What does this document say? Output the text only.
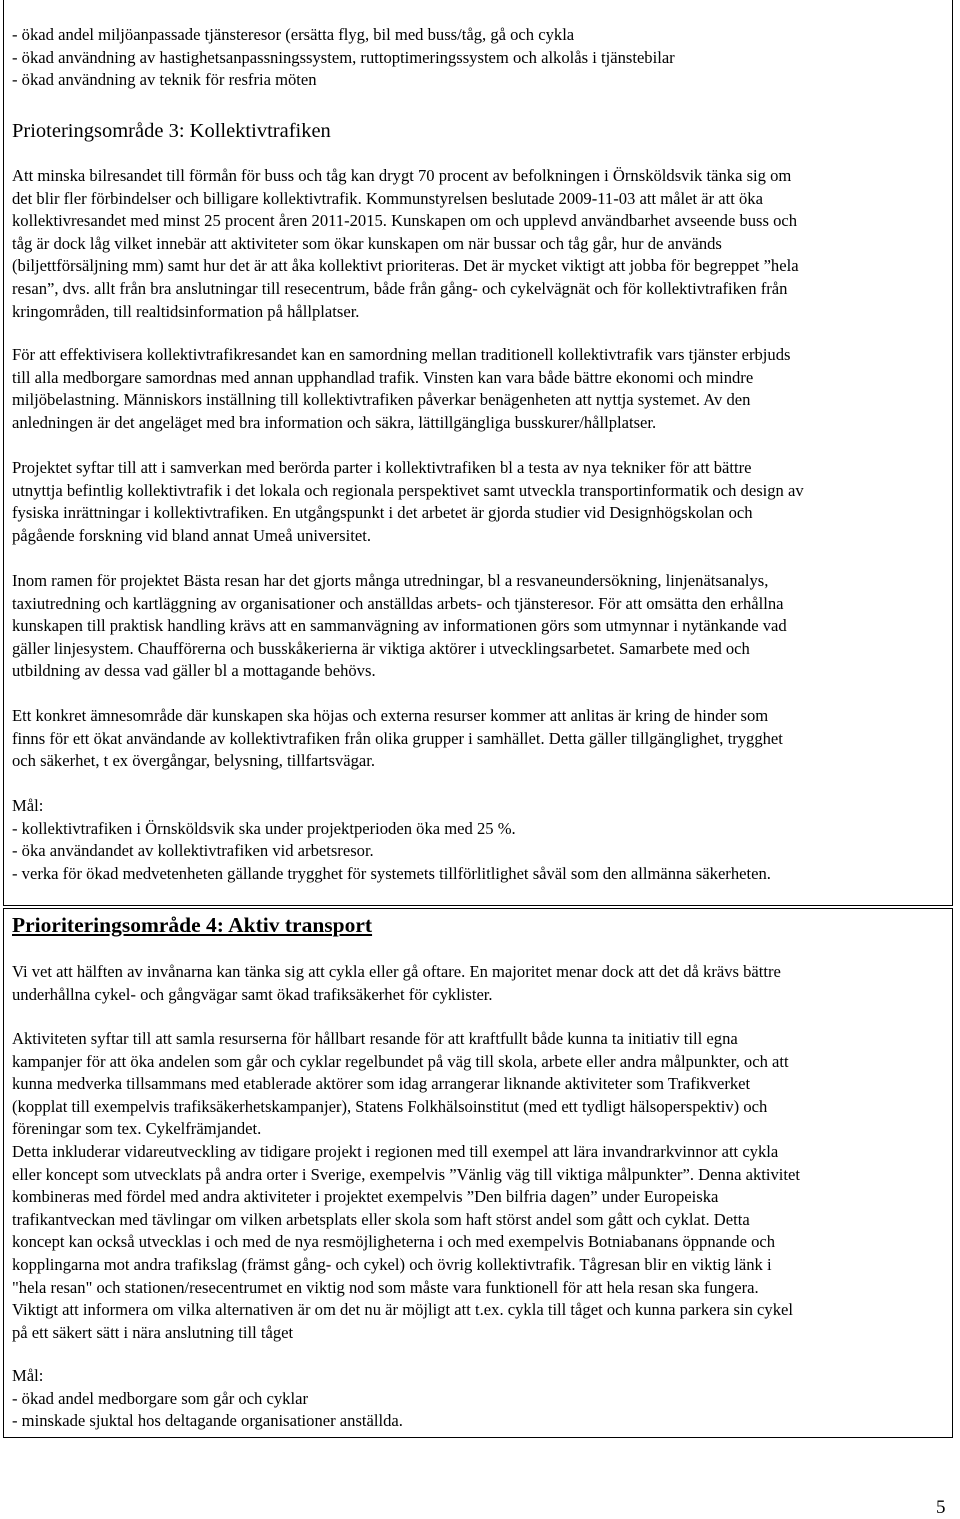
- ökad andel miljöanpassade tjänsteresor (ersätta flyg, bil med buss/tåg, gå och cykla
- ökad användning av hastighetsanpassningssystem, ruttoptimeringssystem och alkolås i tjänstebilar
- ökad användning av teknik för resfria möten
Prioteringsområde 3: Kollektivtrafiken
Att minska bilresandet till förmån för buss och tåg kan drygt 70 procent av befolkningen i Örnsköldsvik tänka sig om
det blir fler förbindelser och billigare kollektivtrafik. Kommunstyrelsen beslutade 2009-11-03 att målet är att öka
kollektivresandet med minst 25 procent åren 2011-2015. Kunskapen om och upplevd användbarhet avseende buss och
tåg är dock låg vilket innebär att aktiviteter som ökar kunskapen om när bussar och tåg går, hur de används
(biljettförsäljning mm) samt hur det är att åka kollektivt prioriteras. Det är mycket viktigt att jobba för begreppet ”hela
resan”, dvs. allt från bra anslutningar till resecentrum, både från gång- och cykelvägnät och för kollektivtrafiken från
kringområden, till realtidsinformation på hållplatser.
För att effektivisera kollektivtrafikresandet kan en samordning mellan traditionell kollektivtrafik vars tjänster erbjuds
till alla medborgare samordnas med annan upphandlad trafik. Vinsten kan vara både bättre ekonomi och mindre
miljöbelastning. Människors inställning till kollektivtrafiken påverkar benägenheten att nyttja systemet. Av den
anledningen är det angeläget med bra information och säkra, lättillgängliga busskurer/hållplatser.
Projektet syftar till att i samverkan med berörda parter i kollektivtrafiken bl a testa av nya tekniker för att bättre
utnyttja befintlig kollektivtrafik i det lokala och regionala perspektivet samt utveckla transportinformatik och design av
fysiska inrättningar i kollektivtrafiken. En utgångspunkt i det arbetet är gjorda studier vid Designhögskolan och
pågående forskning vid bland annat Umeå universitet.
Inom ramen för projektet Bästa resan har det gjorts många utredningar, bl a resvaneundersökning, linjenätsanalys,
taxiutredning och kartläggning av organisationer och anställdas arbets- och tjänsteresor. För att omsätta den erhållna
kunskapen till praktisk handling krävs att en sammanvägning av informationen görs som utmynnar i nytänkande vad
gäller linjesystem. Chaufförerna och busskåkerierna är viktiga aktörer i utvecklingsarbetet. Samarbete med och
utbildning av dessa vad gäller bl a mottagande behövs.
Ett konkret ämnesområde där kunskapen ska höjas och externa resurser kommer att anlitas är kring de hinder som
finns för ett ökat användande av kollektivtrafiken från olika grupper i samhället. Detta gäller tillgänglighet, trygghet
och säkerhet, t ex övergångar, belysning, tillfartsvägar.
Mål:
- kollektivtrafiken i Örnsköldsvik ska under projektperioden öka med 25 %.
- öka användandet av kollektivtrafiken vid arbetsresor.
- verka för ökad medvetenheten gällande trygghet för systemets tillförlitlighet såväl som den allmänna säkerheten.
Prioriteringsområde 4: Aktiv transport
Vi vet att hälften av invånarna kan tänka sig att cykla eller gå oftare. En majoritet menar dock att det då krävs bättre
underhållna cykel- och gångvägar samt ökad trafiksäkerhet för cyklister.
Aktiviteten syftar till att samla resurserna för hållbart resande för att kraftfullt både kunna ta initiativ till egna
kampanjer för att öka andelen som går och cyklar regelbundet på väg till skola, arbete eller andra målpunkter, och att
kunna medverka tillsammans med etablerade aktörer som idag arrangerar liknande aktiviteter som Trafikverket
(kopplat till exempelvis trafiksäkerhetskampanjer), Statens Folkhälsoinstitut (med ett tydligt hälsoperspektiv) och
föreningar som tex. Cykelfrämjandet.
Detta inkluderar vidareutveckling av tidigare projekt i regionen med till exempel att lära invandrarkvinnor att cykla
eller koncept som utvecklats på andra orter i Sverige, exempelvis ”Vänlig väg till viktiga målpunkter”. Denna aktivitet
kombineras med fördel med andra aktiviteter i projektet exempelvis ”Den bilfria dagen” under Europeiska
trafikantveckan med tävlingar om vilken arbetsplats eller skola som haft störst andel som gått och cyklat. Detta
koncept kan också utvecklas i och med de nya resmöjligheterna i och med exempelvis Botniabanans öppnande och
kopplingarna mot andra trafikslag (främst gång- och cykel) och övrig kollektivtrafik. Tågresan blir en viktig länk i
"hela resan" och stationen/resecentrumet en viktig nod som måste vara funktionell för att hela resan ska fungera.
Viktigt att informera om vilka alternativen är om det nu är möjligt att t.ex. cykla till tåget och kunna parkera sin cykel
på ett säkert sätt i nära anslutning till tåget
Mål:
- ökad andel medborgare som går och cyklar
- minskade sjuktal hos deltagande organisationer anställda.
5
